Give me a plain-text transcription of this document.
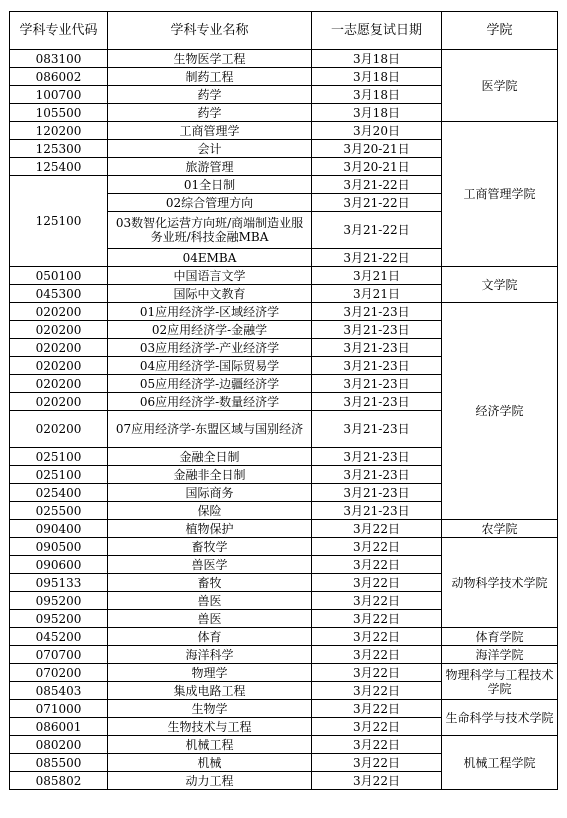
学科专业代码	学科专业名称	一志愿复试日期	学院
083100	生物医学工程	3月18日	医学院
086002	制药工程	3月18日	
100700	药学	3月18日	
105500	药学	3月18日	
120200	工商管理学	3月20日	工商管理学院
125300	会计	3月20-21日	
125400	旅游管理	3月20-21日	
125100	01全日制	3月21-22日	
	02综合管理方向	3月21-22日	
	03数智化运营方向班/商端制造业服务业班/科技金融MBA	3月21-22日	
	04EMBA	3月21-22日	
050100	中国语言文学	3月21日	文学院
045300	国际中文教育	3月21日	
020200	01应用经济学-区域经济学	3月21-23日	经济学院
020200	02应用经济学-金融学	3月21-23日	
020200	03应用经济学-产业经济学	3月21-23日	
020200	04应用经济学-国际贸易学	3月21-23日	
020200	05应用经济学-边疆经济学	3月21-23日	
020200	06应用经济学-数量经济学	3月21-23日	
020200	07应用经济学-东盟区域与国别经济	3月21-23日	
025100	金融全日制	3月21-23日	
025100	金融非全日制	3月21-23日	
025400	国际商务	3月21-23日	
025500	保险	3月21-23日	
090400	植物保护	3月22日	农学院
090500	畜牧学	3月22日	动物科学技术学院
090600	兽医学	3月22日	
095133	畜牧	3月22日	
095200	兽医	3月22日	
095200	兽医	3月22日	
045200	体育	3月22日	体育学院
070700	海洋科学	3月22日	海洋学院
070200	物理学	3月22日	物理科学与工程技术学院
085403	集成电路工程	3月22日	
071000	生物学	3月22日	生命科学与技术学院
086001	生物技术与工程	3月22日	
080200	机械工程	3月22日	机械工程学院
085500	机械	3月22日	
085802	动力工程	3月22日	
